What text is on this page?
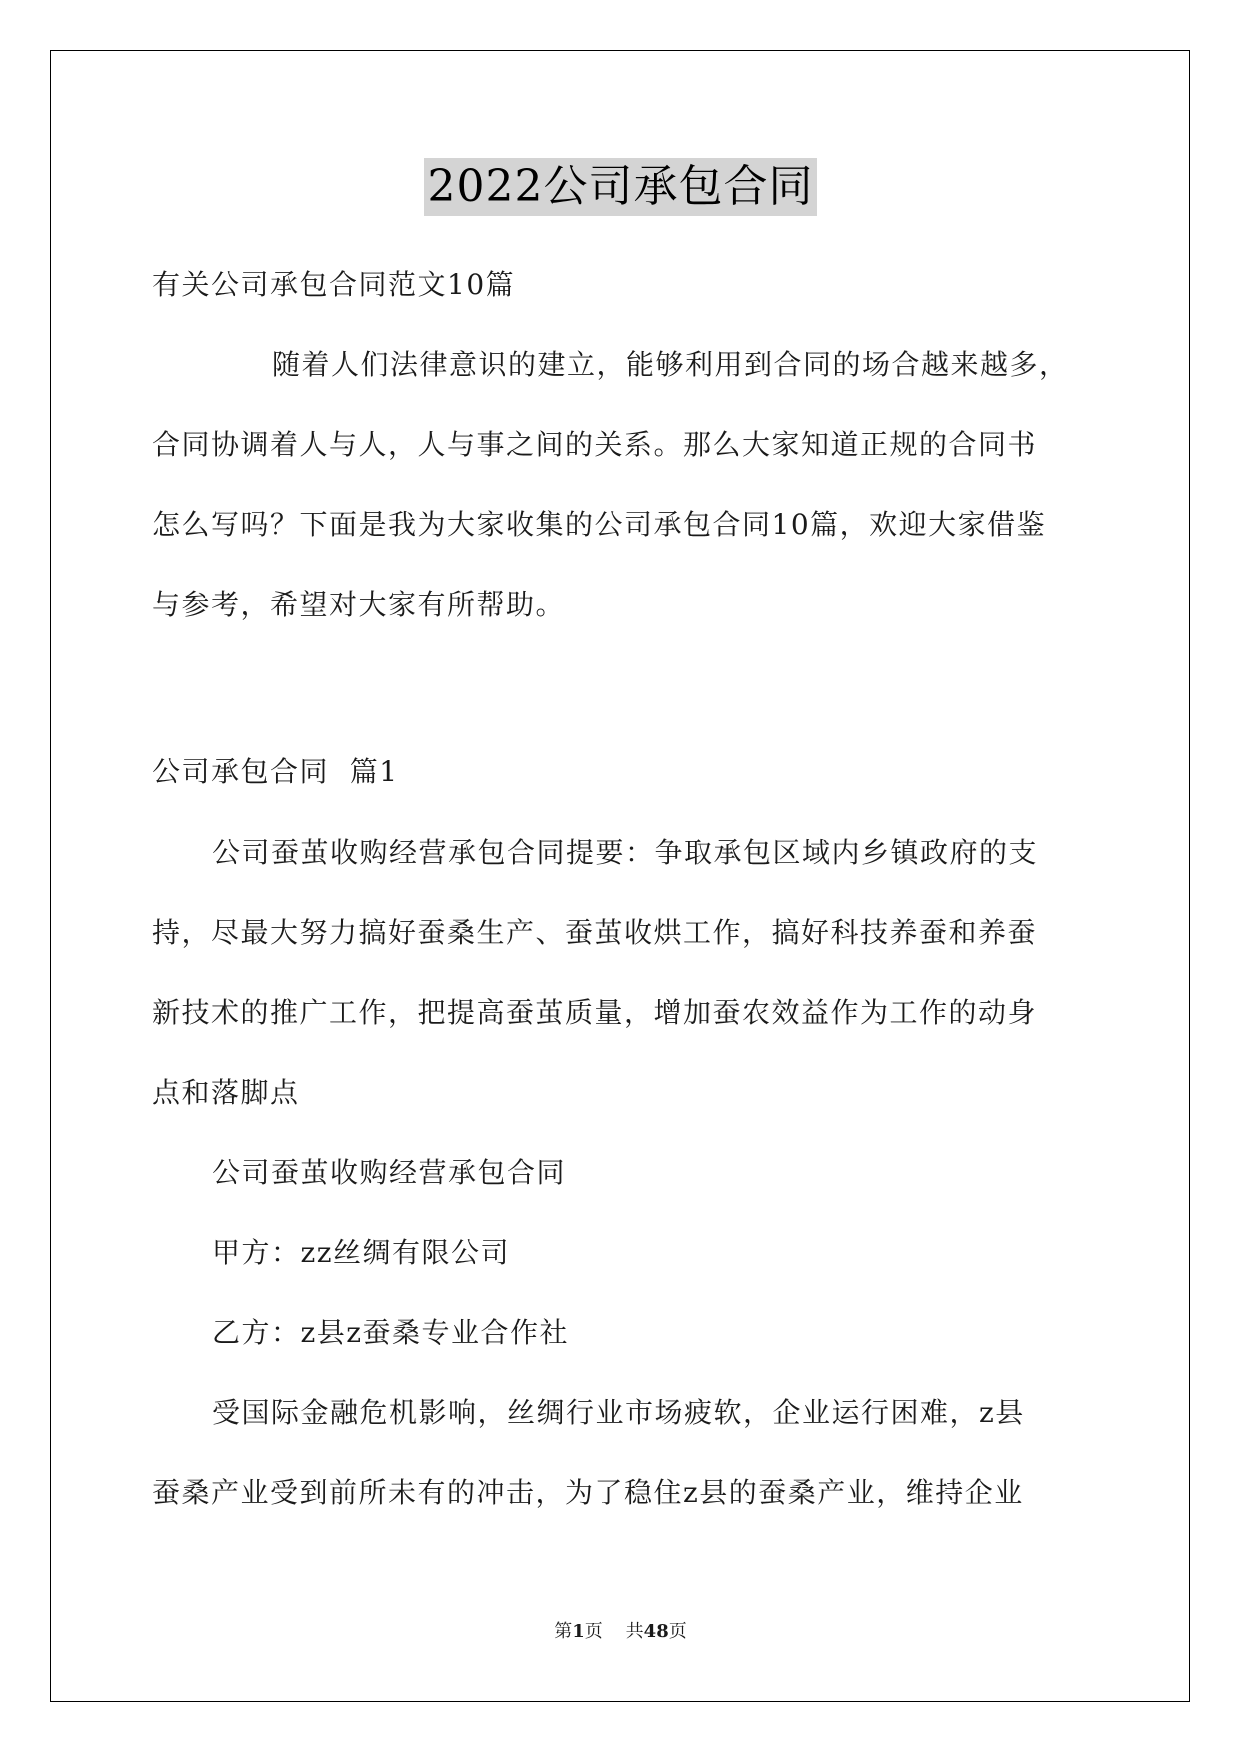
2022公司承包合同
有关公司承包合同范文10篇
随着人们法律意识的建立，能够利用到合同的场合越来越多，
合同协调着人与人，人与事之间的关系。那么大家知道正规的合同书
怎么写吗？下面是我为大家收集的公司承包合同10篇，欢迎大家借鉴
与参考，希望对大家有所帮助。
公司承包合同  篇1
公司蚕茧收购经营承包合同提要：争取承包区域内乡镇政府的支
持，尽最大努力搞好蚕桑生产、蚕茧收烘工作，搞好科技养蚕和养蚕
新技术的推广工作，把提高蚕茧质量，增加蚕农效益作为工作的动身
点和落脚点
公司蚕茧收购经营承包合同
甲方：zz丝绸有限公司
乙方：z县z蚕桑专业合作社
受国际金融危机影响，丝绸行业市场疲软，企业运行困难，z县
蚕桑产业受到前所未有的冲击，为了稳住z县的蚕桑产业，维持企业
第1页    共48页
